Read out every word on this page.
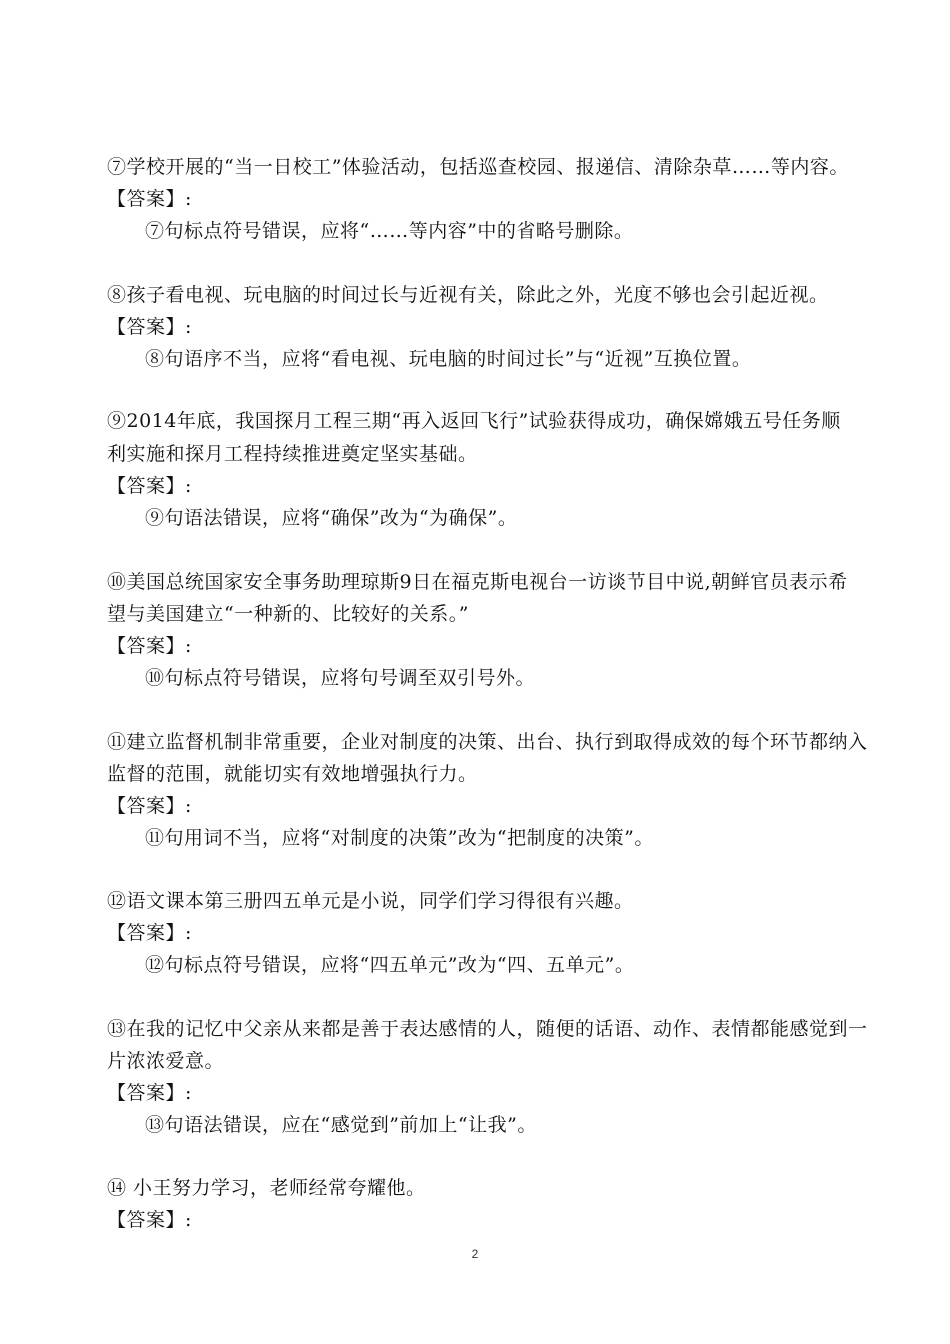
⑦学校开展的“当一日校工”体验活动，包括巡查校园、报递信、清除杂草……等内容。
【答案】:
⑦句标点符号错误，应将“……等内容”中的省略号删除。
⑧孩子看电视、玩电脑的时间过长与近视有关，除此之外，光度不够也会引起近视。
【答案】:
⑧句语序不当，应将“看电视、玩电脑的时间过长”与“近视”互换位置。
⑨2014年底，我国探月工程三期“再入返回飞行”试验获得成功，确保嫦娥五号任务顺
利实施和探月工程持续推进奠定坚实基础。
【答案】:
⑨句语法错误，应将“确保”改为“为确保”。
⑩美国总统国家安全事务助理琼斯9日在福克斯电视台一访谈节目中说,朝鲜官员表示希
望与美国建立“一种新的、比较好的关系。”
【答案】:
⑩句标点符号错误，应将句号调至双引号外。
⑪建立监督机制非常重要，企业对制度的决策、出台、执行到取得成效的每个环节都纳入
监督的范围，就能切实有效地增强执行力。
【答案】:
⑪句用词不当，应将“对制度的决策”改为“把制度的决策”。
⑫语文课本第三册四五单元是小说，同学们学习得很有兴趣。
【答案】:
⑫句标点符号错误，应将“四五单元”改为“四、五单元”。
⑬在我的记忆中父亲从来都是善于表达感情的人，随便的话语、动作、表情都能感觉到一
片浓浓爱意。
【答案】:
⑬句语法错误，应在“感觉到”前加上“让我”。
⑭ 小王努力学习，老师经常夸耀他。
【答案】:
2
